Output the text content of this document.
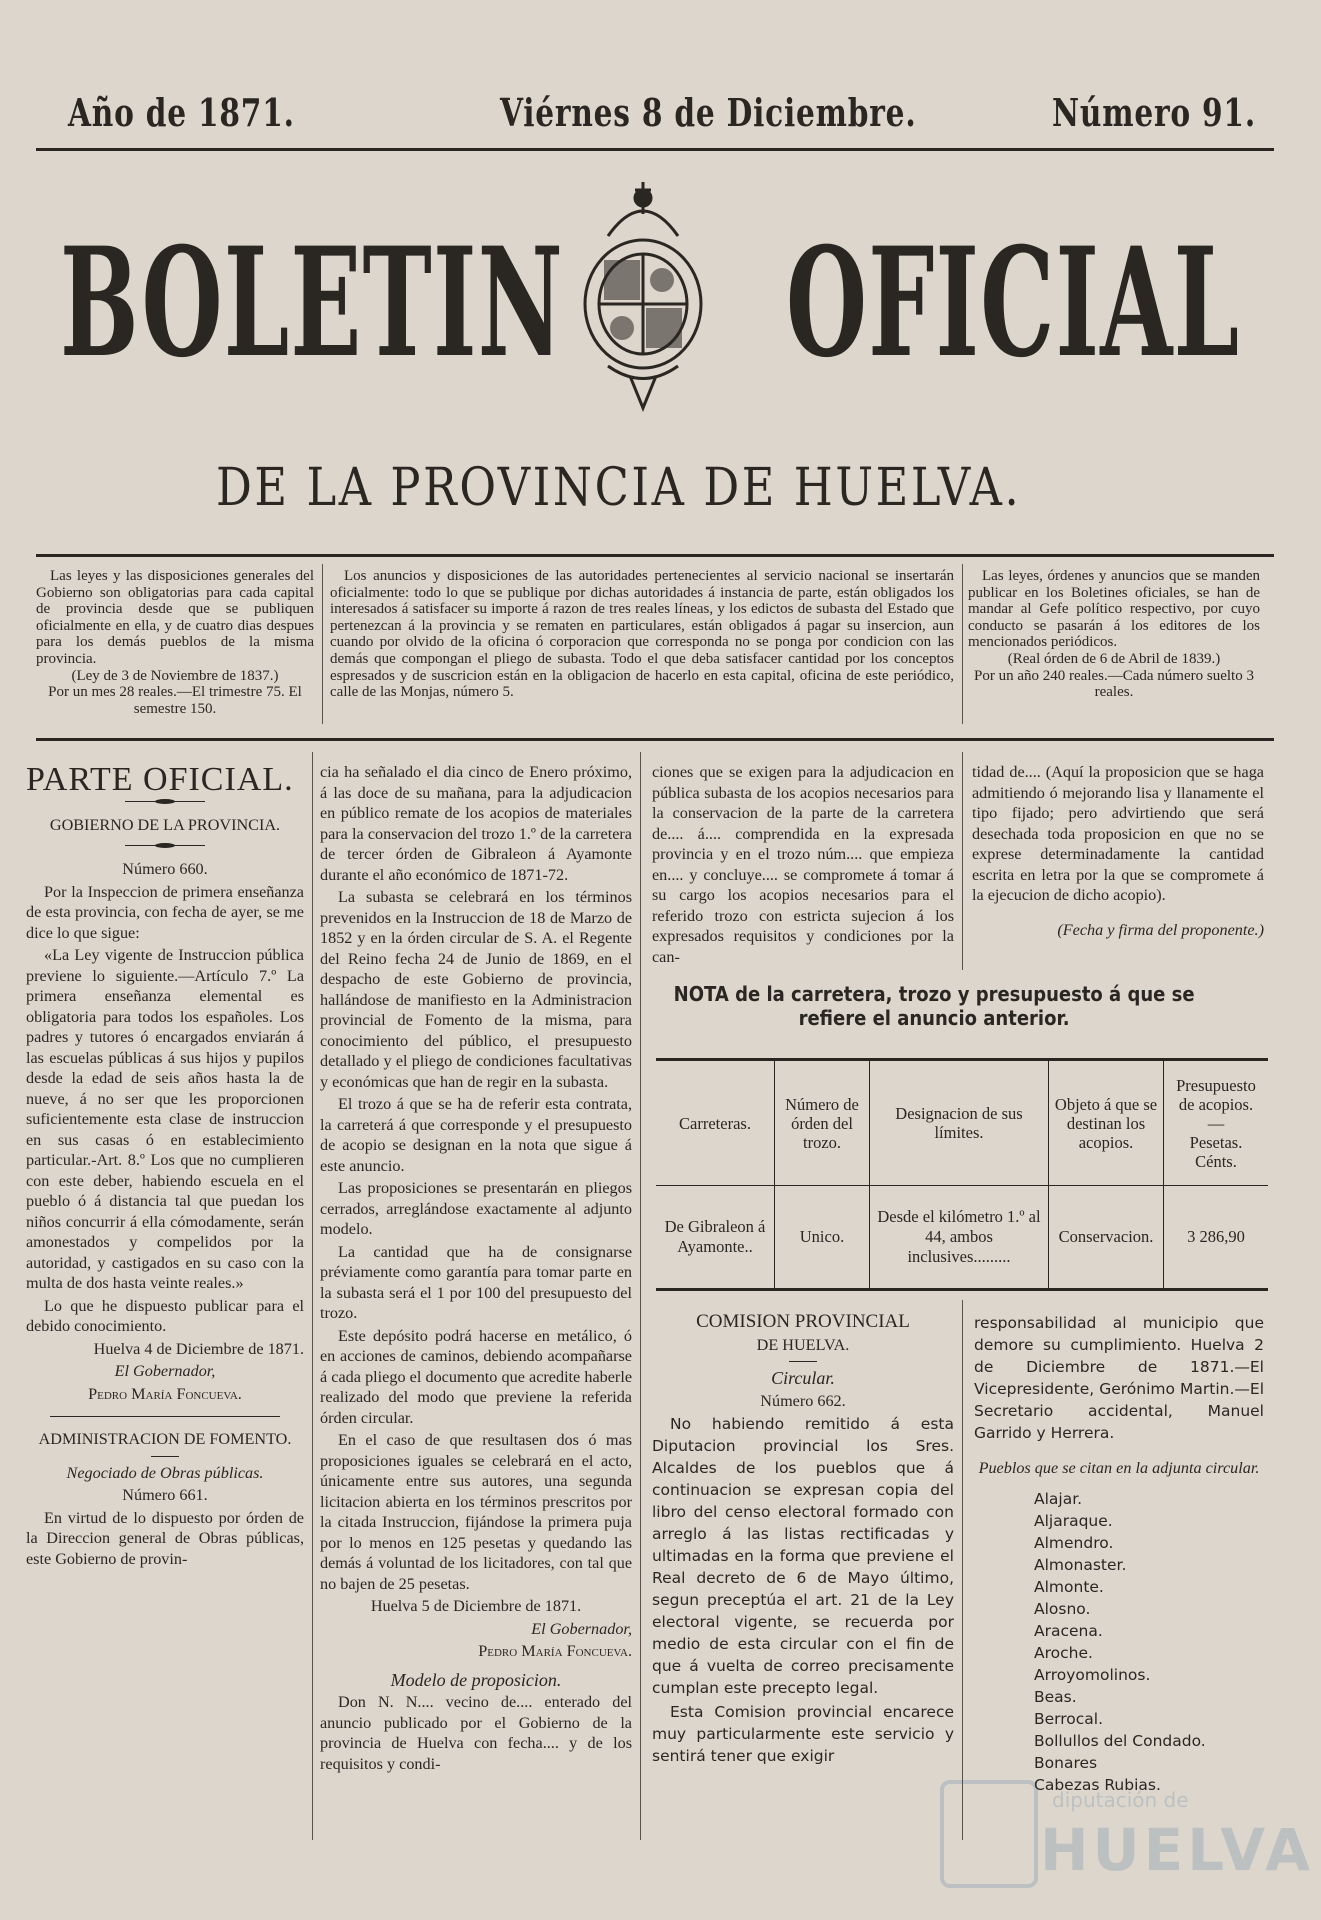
Año de 1871.	Viérnes 8 de Diciembre.	Número 91.
BOLETIN OFICIAL
DE LA PROVINCIA DE HUELVA.

Las leyes y las disposiciones generales del Gobierno son obligatorias para cada capital de provincia desde que se publiquen oficialmente en ella, y de cuatro dias despues para los demás pueblos de la misma provincia.

(Ley de 3 de Noviembre de 1837.)

Por un mes 28 reales.—El trimestre 75. El semestre 150.

Los anuncios y disposiciones de las autoridades pertenecientes al servicio nacional se insertarán oficialmente: todo lo que se publique por dichas autoridades á instancia de parte, están obligados los interesados á satisfacer su importe á razon de tres reales líneas, y los edictos de subasta del Estado que pertenezcan á la provincia y se rematen en particulares, están obligados á pagar su insercion, aun cuando por olvido de la oficina ó corporacion que corresponda no se ponga por condicion con las demás que compongan el pliego de subasta. Todo el que deba satisfacer cantidad por los conceptos espresados y de suscricion están en la obligacion de hacerlo en esta capital, oficina de este periódico, calle de las Monjas, número 5.

Las leyes, órdenes y anuncios que se manden publicar en los Boletines oficiales, se han de mandar al Gefe político respectivo, por cuyo conducto se pasarán á los editores de los mencionados periódicos.

(Real órden de 6 de Abril de 1839.)

Por un año 240 reales.—Cada número suelto 3 reales.

PARTE OFICIAL.

GOBIERNO DE LA PROVINCIA.

Número 660.

Por la Inspeccion de primera enseñanza de esta provincia, con fecha de ayer, se me dice lo que sigue:

«La Ley vigente de Instruccion pública previene lo siguiente.—Artículo 7.º La primera enseñanza elemental es obligatoria para todos los españoles. Los padres y tutores ó encargados enviarán á las escuelas públicas á sus hijos y pupilos desde la edad de seis años hasta la de nueve, á no ser que les proporcionen suficientemente esta clase de instruccion en sus casas ó en establecimiento particular.-Art. 8.º Los que no cumplieren con este deber, habiendo escuela en el pueblo ó á distancia tal que puedan los niños concurrir á ella cómodamente, serán amonestados y compelidos por la autoridad, y castigados en su caso con la multa de dos hasta veinte reales.»

Lo que he dispuesto publicar para el debido conocimiento.

Huelva 4 de Diciembre de 1871.

El Gobernador,

Pedro María Foncueva.

ADMINISTRACION DE FOMENTO.

Negociado de Obras públicas.

Número 661.

En virtud de lo dispuesto por órden de la Direccion general de Obras públicas, este Gobierno de provin-

cia ha señalado el dia cinco de Enero próximo, á las doce de su mañana, para la adjudicacion en público remate de los acopios de materiales para la conservacion del trozo 1.º de la carretera de tercer órden de Gibraleon á Ayamonte durante el año económico de 1871-72.

La subasta se celebrará en los términos prevenidos en la Instruccion de 18 de Marzo de 1852 y en la órden circular de S. A. el Regente del Reino fecha 24 de Junio de 1869, en el despacho de este Gobierno de provincia, hallándose de manifiesto en la Administracion provincial de Fomento de la misma, para conocimiento del público, el presupuesto detallado y el pliego de condiciones facultativas y económicas que han de regir en la subasta.

El trozo á que se ha de referir esta contrata, la carreterá á que corresponde y el presupuesto de acopio se designan en la nota que sigue á este anuncio.

Las proposiciones se presentarán en pliegos cerrados, arreglándose exactamente al adjunto modelo.

La cantidad que ha de consignarse préviamente como garantía para tomar parte en la subasta será el 1 por 100 del presupuesto del trozo.

Este depósito podrá hacerse en metálico, ó en acciones de caminos, debiendo acompañarse á cada pliego el documento que acredite haberle realizado del modo que previene la referida órden circular.

En el caso de que resultasen dos ó mas proposiciones iguales se celebrará en el acto, únicamente entre sus autores, una segunda licitacion abierta en los términos prescritos por la citada Instruccion, fijándose la primera puja por lo menos en 125 pesetas y quedando las demás á voluntad de los licitadores, con tal que no bajen de 25 pesetas.

Huelva 5 de Diciembre de 1871.

El Gobernador,

Pedro María Foncueva.

Modelo de proposicion.

Don N. N.... vecino de.... enterado del anuncio publicado por el Gobierno de la provincia de Huelva con fecha.... y de los requisitos y condi-

ciones que se exigen para la adjudicacion en pública subasta de los acopios necesarios para la conservacion de la parte de la carretera de.... á.... comprendida en la expresada provincia y en el trozo núm.... que empieza en.... y concluye.... se compromete á tomar á su cargo los acopios necesarios para el referido trozo con estricta sujecion á los expresados requisitos y condiciones por la can-

tidad de.... (Aquí la proposicion que se haga admitiendo ó mejorando lisa y llanamente el tipo fijado; pero advirtiendo que será desechada toda proposicion en que no se exprese determinadamente la cantidad escrita en letra por la que se compromete á la ejecucion de dicho acopio).

(Fecha y firma del proponente.)

NOTA de la carretera, trozo y presupuesto á que se refiere el anuncio anterior.
Carreteras.	Número de órden del trozo.	Designacion de sus límites.	Objeto á que se destinan los acopios.	Presupuesto de acopios.
—
Pesetas. Cénts.

De Gibraleon á Ayamonte..	Unico.	Desde el kilómetro 1.º al 44, ambos inclusives.........	Conservacion.	3 286,90

COMISION PROVINCIAL

DE HUELVA.

Circular.

Número 662.

No habiendo remitido á esta Diputacion provincial los Sres. Alcaldes de los pueblos que á continuacion se expresan copia del libro del censo electoral formado con arreglo á las listas rectificadas y ultimadas en la forma que previene el Real decreto de 6 de Mayo último, segun preceptúa el art. 21 de la Ley electoral vigente, se recuerda por medio de esta circular con el fin de que á vuelta de correo precisamente cumplan este precepto legal.

Esta Comision provincial encarece muy particularmente este servicio y sentirá tener que exigir

responsabilidad al municipio que demore su cumplimiento. Huelva 2 de Diciembre de 1871.—El Vicepresidente, Gerónimo Martin.—El Secretario accidental, Manuel Garrido y Herrera.

Pueblos que se citan en la adjunta circular.

Alajar.
Aljaraque.
Almendro.
Almonaster.
Almonte.
Alosno.
Aracena.
Aroche.
Arroyomolinos.
Beas.
Berrocal.
Bollullos del Condado.
Bonares
Cabezas Rubias.
diputación de
HUELVA
